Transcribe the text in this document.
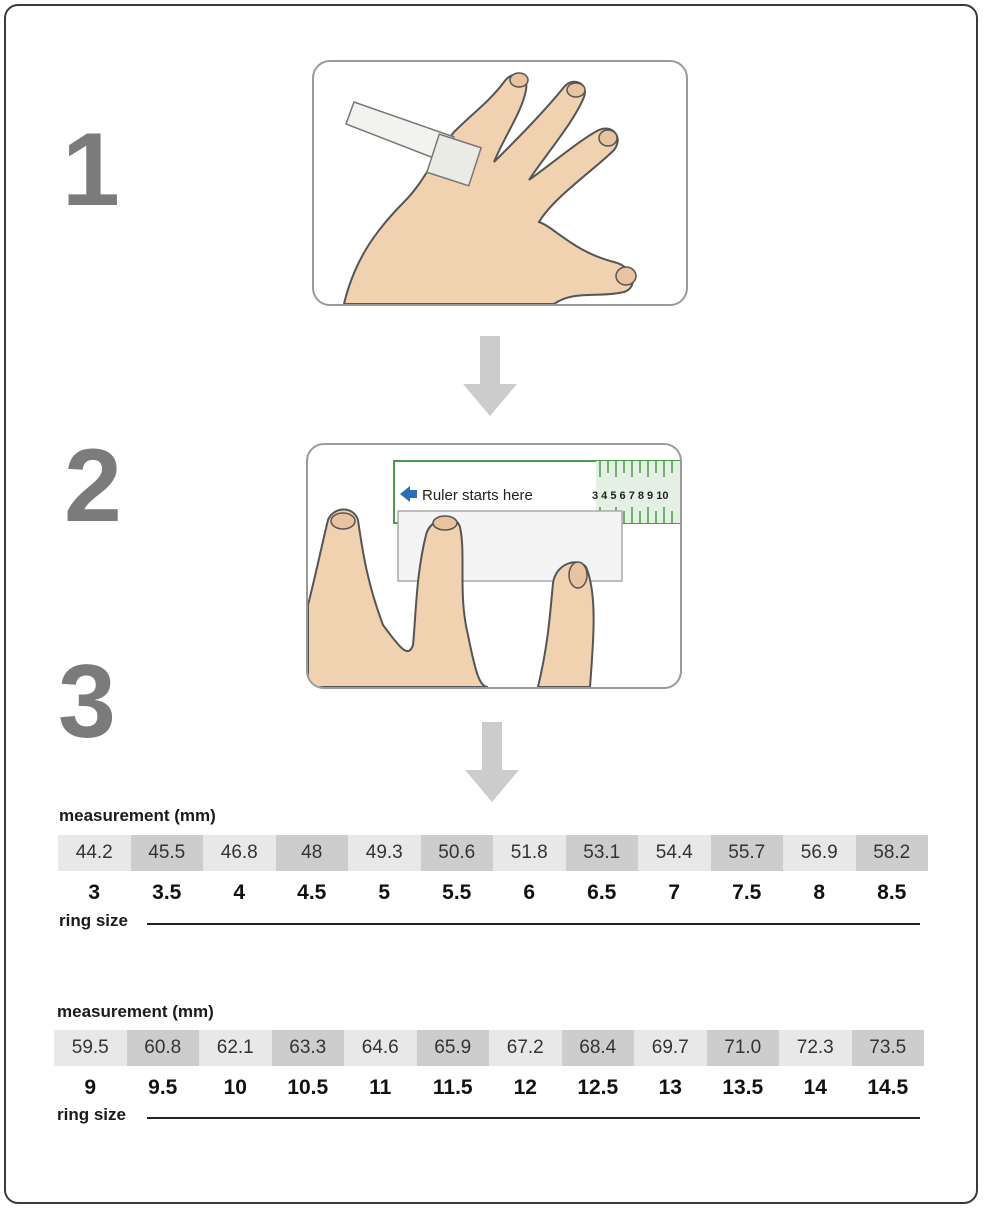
1
2
3
Ruler starts here	3 4 5 6 7 8 9 10
measurement (mm)
44.2	45.5	46.8	48	49.3	50.6	51.8	53.1	54.4	55.7	56.9	58.2
3	3.5	4	4.5	5	5.5	6	6.5	7	7.5	8	8.5
ring size
measurement (mm)
59.5	60.8	62.1	63.3	64.6	65.9	67.2	68.4	69.7	71.0	72.3	73.5
9	9.5	10	10.5	11	11.5	12	12.5	13	13.5	14	14.5
ring size
